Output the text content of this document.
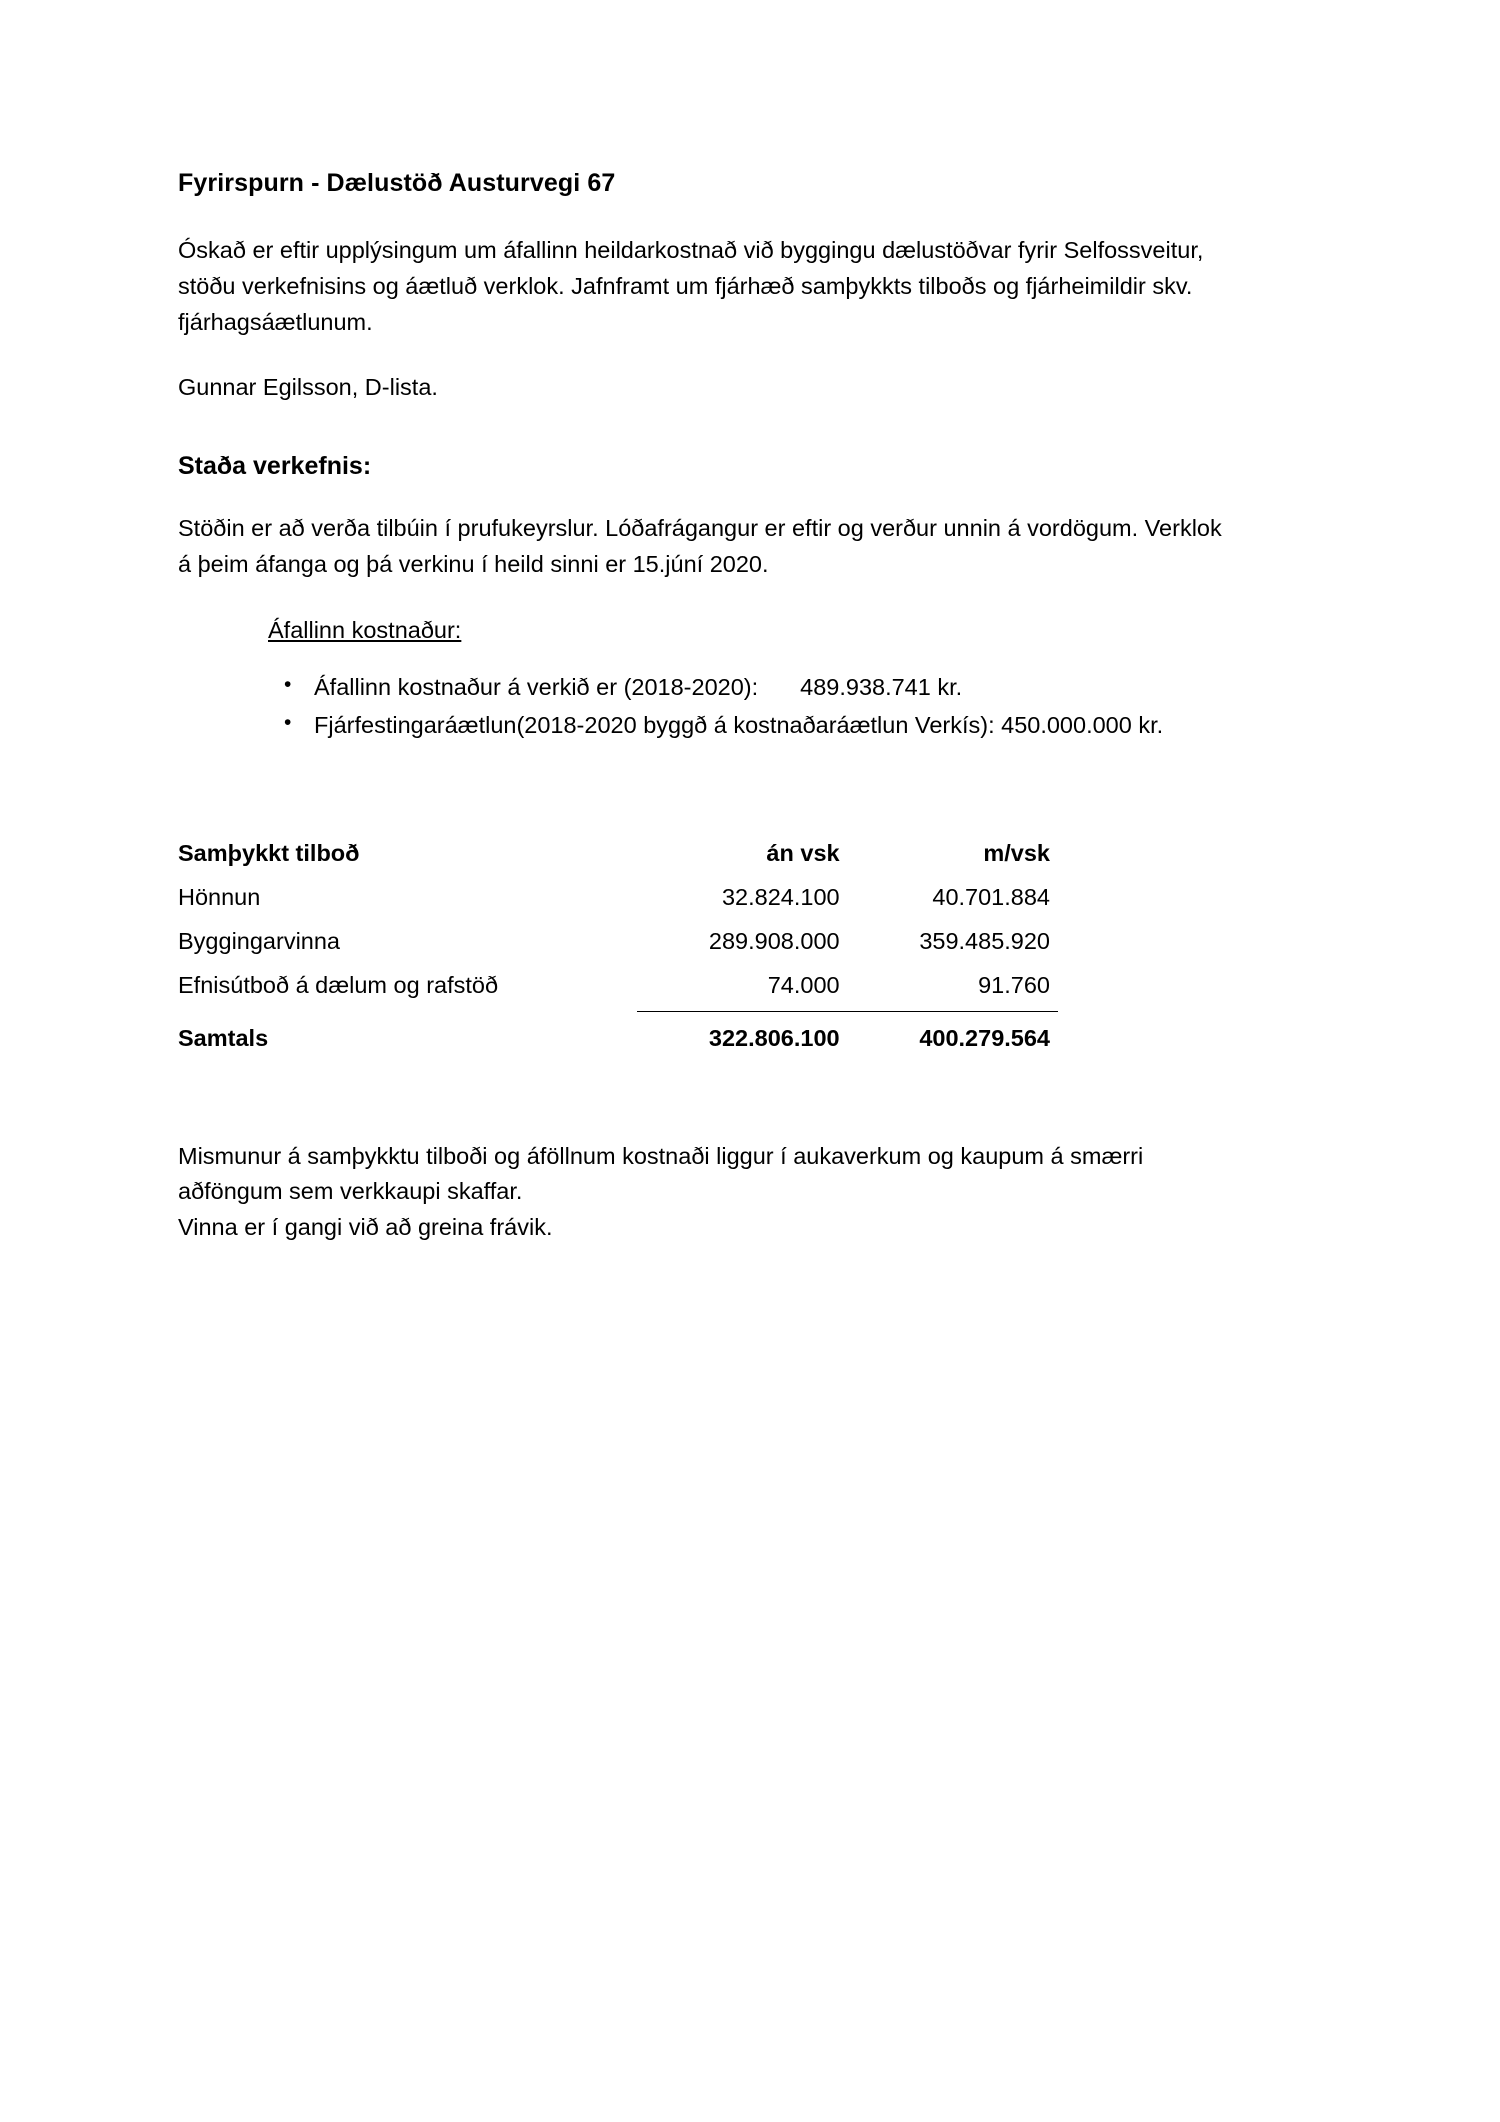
Fyrirspurn - Dælustöð Austurvegi 67

Óskað er eftir upplýsingum um áfallinn heildarkostnað við byggingu dælustöðvar fyrir Selfossveitur, stöðu verkefnisins og áætluð verklok. Jafnframt um fjárhæð samþykkts tilboðs og fjárheimildir skv. fjárhagsáætlunum.

Gunnar Egilsson, D-lista.

Staða verkefnis:

Stöðin er að verða tilbúin í prufukeyrslur. Lóðafrágangur er eftir og verður unnin á vordögum. Verklok á þeim áfanga og þá verkinu í heild sinni er 15.júní 2020.

Áfallinn kostnaður:
• Áfallinn kostnaður á verkið er (2018-2020): 489.938.741 kr.
• Fjárfestingaráætlun(2018-2020 byggð á kostnaðaráætlun Verkís): 450.000.000 kr.
Samþykkt tilboð	án vsk	m/vsk
Hönnun	32.824.100	40.701.884
Byggingarvinna	289.908.000	359.485.920
Efnisútboð á dælum og rafstöð	74.000	91.760
Samtals	322.806.100	400.279.564

Mismunur á samþykktu tilboði og áföllnum kostnaði liggur í aukaverkum og kaupum á smærri aðföngum sem verkkaupi skaffar.

Vinna er í gangi við að greina frávik.
